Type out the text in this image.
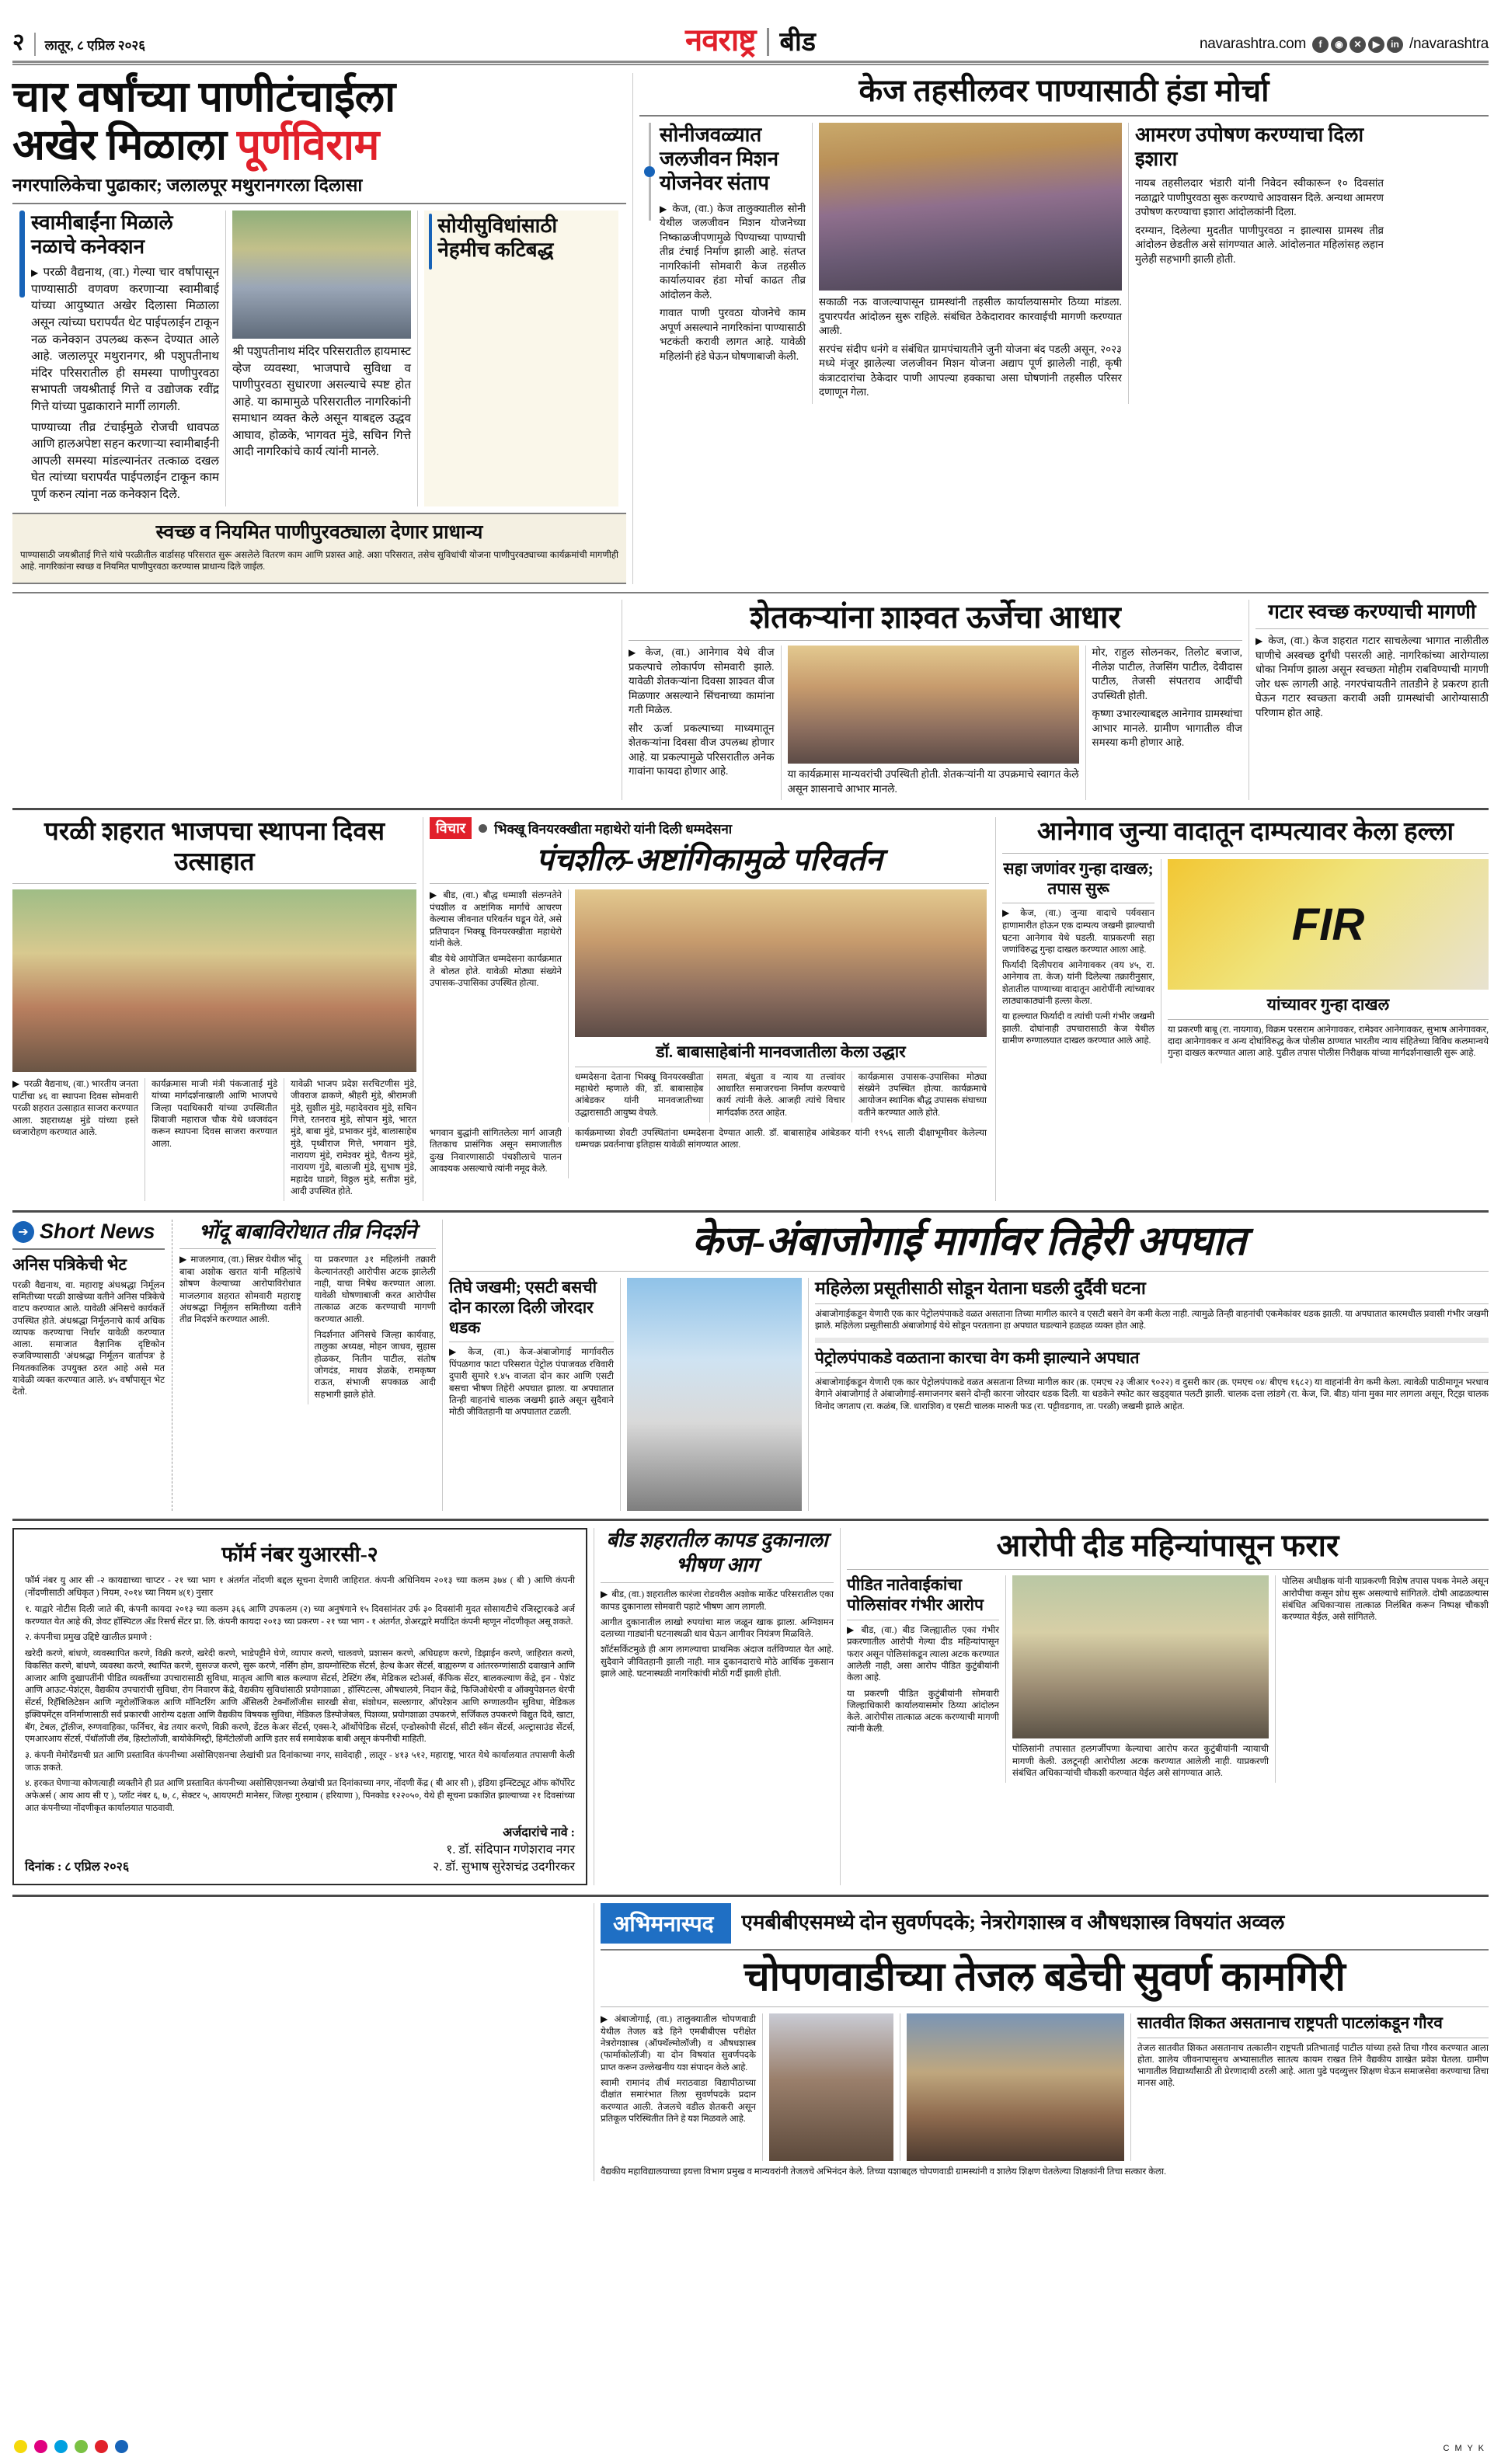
२ लातूर, ८ एप्रिल २०२६	नवराष्ट्र बीड	navarashtra.com	f	◉	✕	▶	in /navarashtra
चार वर्षांच्या पाणीटंचाईला
अखेर मिळाला पूर्णविराम
नगरपालिकेचा पुढाकार; जलालपूर मथुरानगरला दिलासा
स्वामीबाईंना मिळाले नळाचे कनेक्शन

▶ परळी वैद्यनाथ, (वा.) गेल्या चार वर्षांपासून पाण्यासाठी वणवण करणाऱ्या स्वामीबाई यांच्या आयुष्यात अखेर दिलासा मिळाला असून त्यांच्या घरापर्यंत थेट पाईपलाईन टाकून नळ कनेक्शन उपलब्ध करून देण्यात आले आहे. जलालपूर मथुरानगर, श्री पशुपतीनाथ मंदिर परिसरातील ही समस्या पाणीपुरवठा सभापती जयश्रीताई गित्ते व उद्योजक रवींद्र गित्ते यांच्या पुढाकाराने मार्गी लागली.

पाण्याच्या तीव्र टंचाईमुळे रोजची धावपळ आणि हालअपेष्टा सहन करणाऱ्या स्वामीबाईंनी आपली समस्या मांडल्यानंतर तत्काळ दखल घेत त्यांच्या घरापर्यंत पाईपलाईन टाकून काम पूर्ण करुन त्यांना नळ कनेक्शन दिले.

श्री पशुपतीनाथ मंदिर परिसरातील हायमास्ट व्हेज व्यवस्था, भाजपाचे सुविधा व पाणीपुरवठा सुधारणा असल्याचे स्पष्ट होत आहे. या कामामुळे परिसरातील नागरिकांनी समाधान व्यक्त केले असून याबद्दल उद्धव आघाव, होळके, भागवत मुंडे, सचिन गित्ते आदी नागरिकांचे कार्य त्यांनी मानले.

सोयीसुविधांसाठी नेहमीच कटिबद्ध
स्वच्छ व नियमित पाणीपुरवठ्याला देणार प्राधान्य

पाण्यासाठी जयश्रीताई गित्ते यांचे परळीतील वार्डासह परिसरात सुरू असलेले वितरण काम आणि प्रशस्त आहे. अशा परिसरात, तसेच सुविधांची योजना पाणीपुरवठ्याच्या कार्यक्रमांची मागणीही आहे. नागरिकांना स्वच्छ व नियमित पाणीपुरवठा करण्यास प्राधान्य दिले जाईल.

केज तहसीलवर पाण्यासाठी हंडा मोर्चा
सोनीजवळ्यात जलजीवन मिशन योजनेवर संताप

▶ केज, (वा.) केज तालुक्यातील सोनी येथील जलजीवन मिशन योजनेच्या निष्काळजीपणामुळे पिण्याच्या पाण्याची तीव्र टंचाई निर्माण झाली आहे. संतप्त नागरिकांनी सोमवारी केज तहसील कार्यालयावर हंडा मोर्चा काढत तीव्र आंदोलन केले.

गावात पाणी पुरवठा योजनेचे काम अपूर्ण असल्याने नागरिकांना पाण्यासाठी भटकंती करावी लागत आहे. यावेळी महिलांनी हंडे घेऊन घोषणाबाजी केली.

सकाळी नऊ वाजल्यापासून ग्रामस्थांनी तहसील कार्यालयासमोर ठिय्या मांडला. दुपारपर्यंत आंदोलन सुरू राहिले. संबंधित ठेकेदारावर कारवाईची मागणी करण्यात आली.

सरपंच संदीप धनंगे व संबंधित ग्रामपंचायतीने जुनी योजना बंद पडली असून, २०२३ मध्ये मंजूर झालेल्या जलजीवन मिशन योजना अद्याप पूर्ण झालेली नाही, कृषी कंत्राटदारांचा ठेकेदार पाणी आपल्या हक्काचा असा घोषणांनी तहसील परिसर दणाणून गेला.

आमरण उपोषण करण्याचा दिला इशारा

नायब तहसीलदार भंडारी यांनी निवेदन स्वीकारून १० दिवसांत नळाद्वारे पाणीपुरवठा सुरू करण्याचे आश्वासन दिले. अन्यथा आमरण उपोषण करण्याचा इशारा आंदोलकांनी दिला.

दरम्यान, दिलेल्या मुदतीत पाणीपुरवठा न झाल्यास ग्रामस्थ तीव्र आंदोलन छेडतील असे सांगण्यात आले. आंदोलनात महिलांसह लहान मुलेही सहभागी झाली होती.

शेतकऱ्यांना शाश्वत ऊर्जेचा आधार

▶ केज, (वा.) आनेगाव येथे वीज प्रकल्पाचे लोकार्पण सोमवारी झाले. यावेळी शेतकऱ्यांना दिवसा शाश्वत वीज मिळणार असल्याने सिंचनाच्या कामांना गती मिळेल.

सौर ऊर्जा प्रकल्पाच्या माध्यमातून शेतकऱ्यांना दिवसा वीज उपलब्ध होणार आहे. या प्रकल्पामुळे परिसरातील अनेक गावांना फायदा होणार आहे.	या कार्यक्रमास मान्यवरांची उपस्थिती होती. शेतकऱ्यांनी या उपक्रमाचे स्वागत केले असून शासनाचे आभार मानले.

मोर, राहुल सोलनकर, तिलोट बजाज, नीलेश पाटील, तेजसिंग पाटील, देवीदास पाटील, तेजसी संपतराव आदींची उपस्थिती होती.

कृष्णा उभारल्याबद्दल आनेगाव ग्रामस्थांचा आभार मानले. ग्रामीण भागातील वीज समस्या कमी होणार आहे.

गटार स्वच्छ करण्याची मागणी

▶ केज, (वा.) केज शहरात गटार साचलेल्या भागात नालीतील घाणीचे अस्वच्छ दुर्गंधी पसरली आहे. नागरिकांच्या आरोग्याला धोका निर्माण झाला असून स्वच्छता मोहीम राबविण्याची मागणी जोर धरू लागली आहे. नगरपंचायतीने तातडीने हे प्रकरण हाती घेऊन गटार स्वच्छता करावी अशी ग्रामस्थांची आरोग्यासाठी परिणाम होत आहे.

परळी शहरात भाजपचा स्थापना दिवस उत्साहात

▶ परळी वैद्यनाथ, (वा.) भारतीय जनता पार्टीचा ४६ वा स्थापना दिवस सोमवारी परळी शहरात उत्साहात साजरा करण्यात आला. शहराध्यक्ष मुंडे यांच्या हस्ते ध्वजारोहण करण्यात आले.

कार्यक्रमास माजी मंत्री पंकजाताई मुंडे यांच्या मार्गदर्शनाखाली आणि भाजपचे जिल्हा पदाधिकारी यांच्या उपस्थितीत शिवाजी महाराज चौक येथे ध्वजवंदन करून स्थापना दिवस साजरा करण्यात आला.

यावेळी भाजप प्रदेश सरचिटणीस मुंडे, जीवराज ढाकणे, श्रीहरी मुंडे, श्रीरामजी मुंडे, सुशील मुंडे, महादेवराव मुंडे, सचिन गित्ते, रतनराव मुंडे, सोपान मुंडे, भारत मुंडे, बाबा मुंडे, प्रभाकर मुंडे, बालासाहेब मुंडे, पृथ्वीराज गित्ते, भगवान मुंडे, नारायण मुंडे, रामेश्वर मुंडे, चैतन्य मुंडे, नारायण गुंडे, बालाजी मुंडे, सुभाष मुंडे, महादेव घाडगे, विठ्ठल मुंडे, सतीश मुंडे, आदी उपस्थित होते.

विचार	भिक्खू विनयरक्खीता महाथेरो यांनी दिली धम्मदेसना
पंचशील-अष्टांगिकामुळे परिवर्तन

▶ बीड, (वा.) बौद्ध धम्माशी संलग्नतेने पंचशील व अष्टांगिक मार्गाचे आचरण केल्यास जीवनात परिवर्तन घडून येते, असे प्रतिपादन भिक्खू विनयरक्खीता महाथेरो यांनी केले.

बीड येथे आयोजित धम्मदेसना कार्यक्रमात ते बोलत होते. यावेळी मोठ्या संख्येने उपासक-उपासिका उपस्थित होत्या.

डॉ. बाबासाहेबांनी मानवजातीला केला उद्धार

धम्मदेसना देताना भिक्खू विनयरक्खीता महाथेरो म्हणाले की, डॉ. बाबासाहेब आंबेडकर यांनी मानवजातीच्या उद्धारासाठी आयुष्य वेचले.

समता, बंधुता व न्याय या तत्त्वांवर आधारित समाजरचना निर्माण करण्याचे कार्य त्यांनी केले. आजही त्यांचे विचार मार्गदर्शक ठरत आहेत.

कार्यक्रमास उपासक-उपासिका मोठ्या संख्येने उपस्थित होत्या. कार्यक्रमाचे आयोजन स्थानिक बौद्ध उपासक संघाच्या वतीने करण्यात आले होते.

भगवान बुद्धांनी सांगितलेला मार्ग आजही तितकाच प्रासंगिक असून समाजातील दुःख निवारणासाठी पंचशीलाचे पालन आवश्यक असल्याचे त्यांनी नमूद केले.

कार्यक्रमाच्या शेवटी उपस्थितांना धम्मदेसना देण्यात आली. डॉ. बाबासाहेब आंबेडकर यांनी १९५६ साली दीक्षाभूमीवर केलेल्या धम्मचक्र प्रवर्तनाचा इतिहास यावेळी सांगण्यात आला.

आनेगाव जुन्या वादातून दाम्पत्यावर केला हल्ला
सहा जणांवर गुन्हा दाखल; तपास सुरू

▶ केज, (वा.) जुन्या वादाचे पर्यवसान हाणामारीत होऊन एक दाम्पत्य जखमी झाल्याची घटना आनेगाव येथे घडली. याप्रकरणी सहा जणांविरुद्ध गुन्हा दाखल करण्यात आला आहे.

फिर्यादी दिलीपराव आनेगावकर (वय ४५, रा. आनेगाव ता. केज) यांनी दिलेल्या तक्रारीनुसार, शेतातील पाण्याच्या वादातून आरोपींनी त्यांच्यावर लाठ्याकाठ्यांनी हल्ला केला.

या हल्ल्यात फिर्यादी व त्यांची पत्नी गंभीर जखमी झाली. दोघांनाही उपचारासाठी केज येथील ग्रामीण रुग्णालयात दाखल करण्यात आले आहे.

FIR
यांच्यावर गुन्हा दाखल

या प्रकरणी बाबू (रा. नायगाव), विक्रम परसराम आनेगावकर, रामेश्वर आनेगावकर, सुभाष आनेगावकर, दादा आनेगावकर व अन्य दोघांविरुद्ध केज पोलीस ठाण्यात भारतीय न्याय संहितेच्या विविध कलमान्वये गुन्हा दाखल करण्यात आला आहे. पुढील तपास पोलीस निरीक्षक यांच्या मार्गदर्शनाखाली सुरू आहे.

➔ Short News
अनिस पत्रिकेची भेट

परळी वैद्यनाथ, वा. महाराष्ट्र अंधश्रद्धा निर्मूलन समितीच्या परळी शाखेच्या वतीने अनिस पत्रिकेचे वाटप करण्यात आले. यावेळी अंनिसचे कार्यकर्ते उपस्थित होते. अंधश्रद्धा निर्मूलनाचे कार्य अधिक व्यापक करण्याचा निर्धार यावेळी करण्यात आला. समाजात वैज्ञानिक दृष्टिकोन रुजविण्यासाठी 'अंधश्रद्धा निर्मूलन वार्तापत्र' हे नियतकालिक उपयुक्त ठरत आहे असे मत यावेळी व्यक्त करण्यात आले. ४५ वर्षांपासून भेट देतो.

भोंदू बाबाविरोधात तीव्र निदर्शने

▶ माजलगाव, (वा.) सिन्नर येथील भोंदू बाबा अशोक खरात यांनी महिलांचे शोषण केल्याच्या आरोपाविरोधात माजलगाव शहरात सोमवारी महाराष्ट्र अंधश्रद्धा निर्मूलन समितीच्या वतीने तीव्र निदर्शने करण्यात आली.

या प्रकरणात ३१ महिलांनी तक्रारी केल्यानंतरही आरोपीस अटक झालेली नाही, याचा निषेध करण्यात आला. यावेळी घोषणाबाजी करत आरोपीस तात्काळ अटक करण्याची मागणी करण्यात आली.

निदर्शनात अंनिसचे जिल्हा कार्यवाह, तालुका अध्यक्ष, मोहन जाधव, सुहास होळकर, नितीन पाटील, संतोष जोगदंड, माधव शेळके, रामकृष्ण राऊत, संभाजी सपकाळ आदी सहभागी झाले होते.

केज-अंबाजोगाई मार्गावर तिहेरी अपघात
तिघे जखमी; एसटी बसची दोन कारला दिली जोरदार धडक

▶ केज, (वा.) केज-अंबाजोगाई मार्गावरील पिंपळगाव फाटा परिसरात पेट्रोल पंपाजवळ रविवारी दुपारी सुमारे १.४५ वाजता दोन कार आणि एसटी बसचा भीषण तिहेरी अपघात झाला. या अपघातात तिन्ही वाहनांचे चालक जखमी झाले असून सुदैवाने मोठी जीवितहानी या अपघातात टळली.

महिलेला प्रसूतीसाठी सोडून येताना घडली दुर्दैवी घटना

अंबाजोगाईकडून येणारी एक कार पेट्रोलपंपाकडे वळत असताना तिच्या मागील कारने व एसटी बसने वेग कमी केला नाही. त्यामुळे तिन्ही वाहनांची एकमेकांवर धडक झाली. या अपघातात कारमधील प्रवासी गंभीर जखमी झाले. महिलेला प्रसूतीसाठी अंबाजोगाई येथे सोडून परतताना हा अपघात घडल्याने हळहळ व्यक्त होत आहे.

पेट्रोलपंपाकडे वळताना कारचा वेग कमी झाल्याने अपघात

अंबाजोगाईकडून येणारी एक कार पेट्रोलपंपाकडे वळत असताना तिच्या मागील कार (क्र. एमएच २३ जीआर ९०२२) व दुसरी कार (क्र. एमएच ०४/ बीएच १६८२) या वाहनांनी वेग कमी केला. त्यावेळी पाठीमागून भरधाव वेगाने अंबाजोगाई ते अंबाजोगाई-समाजनगर बसने दोन्ही कारना जोरदार धडक दिली. या धडकेने स्फोट कार खड्ड्यात पलटी झाली. चालक दत्ता लांडगे (रा. केज, जि. बीड) यांना मुका मार लागला असून, रिट्झ चालक विनोद जगताप (रा. कळंब, जि. धाराशिव) व एसटी चालक मारुती फड (रा. पट्टीवडगाव, ता. परळी) जखमी झाले आहेत.

फॉर्म नंबर युआरसी-२

फॉर्म नंबर यु आर सी -२ कायद्याच्या चाप्टर - २१ च्या भाग १ अंतर्गत नोंदणी बद्दल सूचना देणारी जाहिरात. कंपनी अधिनियम २०१३ च्या कलम ३७४ ( बी ) आणि कंपनी (नोंदणीसाठी अधिकृत ) नियम, २०१४ च्या नियम ४(१) नुसार

१. याद्वारे नोटीस दिली जाते की, कंपनी कायदा २०१३ च्या कलम ३६६ आणि उपकलम (२) च्या अनुषंगाने १५ दिवसांनंतर उर्फ ३० दिवसांनी मुदत सोसायटीचे रजिस्ट्रारकडे अर्ज करण्यात येत आहे की, शेवट हॉस्पिटल अँड रिसर्च सेंटर प्रा. लि. कंपनी कायदा २०१३ च्या प्रकरण - २१ च्या भाग - १ अंतर्गत, शेअरद्वारे मर्यादित कंपनी म्हणून नोंदणीकृत असू शकते.
२. कंपनीचा प्रमुख उद्दिष्टे खालील प्रमाणे :
खरेदी करणे, बांधणे, व्यवस्थापित करणे, विक्री करणे, खरेदी करणे, भाडेपट्टीने घेणे, व्यापार करणे, चालवणे, प्रशासन करणे, अधिग्रहण करणे, डिझाईन करणे, जाहिरात करणे, विकसित करणे, बांधणे, व्यवस्था करणे, स्थापित करणे, सुसज्ज करणे, सुरू करणे, नर्सिंग होम, डायग्नोस्टिक सेंटर्स, हेल्थ केअर सेंटर्स, बाह्यरुग्ण व आंतररुग्णांसाठी दवाखाने आणि आजार आणि दुखापतींनी पीडित व्यक्तींच्या उपचारासाठी सुविधा, मातृत्व आणि बाल कल्याण सेंटर्स, टेस्टिंग लॅब, मेडिकल स्टोअर्स, कॅफिक सेंटर, बालकल्याण केंद्रे, इन - पेशंट आणि आऊट-पेशंट्स, वैद्यकीय उपचारांची सुविधा, रोग निवारण केंद्रे, वैद्यकीय सुविधांसाठी प्रयोगशाळा , हॉस्पिटल्स, औषधालये, निदान केंद्रे, फिजिओथेरपी व ऑक्युपेशनल थेरपी सेंटर्स, रिहॅबिलिटेशन आणि न्यूरोलॉजिकल आणि मॉनिटरिंग आणि अँसिलरी टेक्नॉलॉजीस सारखी सेवा, संशोधन, सल्लागार, ऑपरेशन आणि रुग्णालयीन सुविधा, मेडिकल इक्विपमेंट्स वनिर्माणासाठी सर्व प्रकारची आरोग्य दक्षता आणि वैद्यकीय विषयक सुविधा, मेडिकल डिस्पोजेबल, पिशव्या, प्रयोगशाळा उपकरणे, सर्जिकल उपकरणे विद्युत दिवे, खाटा, बॅग, टेबल, ट्रॉलीज, रुग्णवाहिका, फर्निचर, बेड तयार करणे, विक्री करणे, डेंटल केअर सेंटर्स, एक्स-रे, ऑर्थोपेडिक सेंटर्स, एन्डोस्कोपी सेंटर्स, सीटी स्कॅन सेंटर्स, अल्ट्रासाउंड सेंटर्स, एमआरआय सेंटर्स, पॅथॉलॉजी लॅब, हिस्टोलॉजी, बायोकेमिस्ट्री, हिमॅटोलॉजी आणि इतर सर्व समावेशक बाबी असून कंपनीची माहिती.
३. कंपनी मेमोरॅंडमची प्रत आणि प्रस्तावित कंपनीच्या असोसिएशनचा लेखांची प्रत दिनांकाच्या नगर, सावेदाही , लातूर - ४१३ ५१२, महाराष्ट्र, भारत येथे कार्यालयात तपासणी केली जाऊ शकते.
४. हरकत घेणाऱ्या कोणत्याही व्यक्तीने ही प्रत आणि प्रस्तावित कंपनीच्या असोसिएशनच्या लेखांची प्रत दिनांकाच्या नगर, नोंदणी केंद्र ( बी आर सी ), इंडिया इन्स्टिट्यूट ऑफ कॉर्पोरेट अफेअर्स ( आय आय सी ए ), प्लॉट नंबर ६, ७, ८, सेक्टर ५, आयएमटी मानेसर, जिल्हा गुरुग्राम ( हरियाणा ), पिनकोड १२२०५०, येथे ही सूचना प्रकाशित झाल्याच्या २१ दिवसांच्या आत कंपनीच्या नोंदणीकृत कार्यालयात पाठवावी.
दिनांक : ८ एप्रिल २०२६
अर्जदारांचे नावे :
१. डॉ. संदिपान गणेशराव नगर
२. डॉ. सुभाष सुरेशचंद्र उदगीरकर
बीड शहरातील कापड दुकानाला भीषण आग

▶ बीड, (वा.) शहरातील कारंजा रोडवरील अशोक मार्केट परिसरातील एका कापड दुकानाला सोमवारी पहाटे भीषण आग लागली.

आगीत दुकानातील लाखो रुपयांचा माल जळून खाक झाला. अग्निशमन दलाच्या गाड्यांनी घटनास्थळी धाव घेऊन आगीवर नियंत्रण मिळविले.

शॉर्टसर्किटमुळे ही आग लागल्याचा प्राथमिक अंदाज वर्तविण्यात येत आहे. सुदैवाने जीवितहानी झाली नाही. मात्र दुकानदाराचे मोठे आर्थिक नुकसान झाले आहे. घटनास्थळी नागरिकांची मोठी गर्दी झाली होती.

आरोपी दीड महिन्यांपासून फरार
पीडित नातेवाईकांचा पोलिसांवर गंभीर आरोप

▶ बीड, (वा.) बीड जिल्ह्यातील एका गंभीर प्रकरणातील आरोपी गेल्या दीड महिन्यांपासून फरार असून पोलिसांकडून त्याला अटक करण्यात आलेली नाही, असा आरोप पीडित कुटुंबीयांनी केला आहे.

या प्रकरणी पीडित कुटुंबीयांनी सोमवारी जिल्हाधिकारी कार्यालयासमोर ठिय्या आंदोलन केले. आरोपीस तात्काळ अटक करण्याची मागणी त्यांनी केली.

पोलिसांनी तपासात हलगर्जीपणा केल्याचा आरोप करत कुटुंबीयांनी न्यायाची मागणी केली. उलटूनही आरोपीला अटक करण्यात आलेली नाही. याप्रकरणी संबंधित अधिकाऱ्यांची चौकशी करण्यात येईल असे सांगण्यात आले.

पोलिस अधीक्षक यांनी याप्रकरणी विशेष तपास पथक नेमले असून आरोपीचा कसून शोध सुरू असल्याचे सांगितले. दोषी आढळल्यास संबंधित अधिकाऱ्यास तात्काळ निलंबित करून निष्पक्ष चौकशी करण्यात येईल, असे सांगितले.

अभिमनास्पद	एमबीबीएसमध्ये दोन सुवर्णपदके; नेत्ररोगशास्त्र व औषधशास्त्र विषयांत अव्वल
चोपणवाडीच्या तेजल बडेची सुवर्ण कामगिरी

▶ अंबाजोगाई, (वा.) तालुक्यातील चोपणवाडी येथील तेजल बडे हिने एमबीबीएस परीक्षेत नेत्ररोगशास्त्र (ऑफ्थॅल्मोलॉजी) व औषधशास्त्र (फार्माकोलॉजी) या दोन विषयांत सुवर्णपदके प्राप्त करून उल्लेखनीय यश संपादन केले आहे.

स्वामी रामानंद तीर्थ मराठवाडा विद्यापीठाच्या दीक्षांत समारंभात तिला सुवर्णपदके प्रदान करण्यात आली. तेजलचे वडील शेतकरी असून प्रतिकूल परिस्थितीत तिने हे यश मिळवले आहे.

सातवीत शिकत असतानाच राष्ट्रपती पाटलांकडून गौरव

तेजल सातवीत शिकत असतानाच तत्कालीन राष्ट्रपती प्रतिभाताई पाटील यांच्या हस्ते तिचा गौरव करण्यात आला होता. शालेय जीवनापासूनच अभ्यासातील सातत्य कायम राखत तिने वैद्यकीय शाखेत प्रवेश घेतला. ग्रामीण भागातील विद्यार्थ्यांसाठी ती प्रेरणादायी ठरली आहे. आता पुढे पदव्युत्तर शिक्षण घेऊन समाजसेवा करण्याचा तिचा मानस आहे.

वैद्यकीय महाविद्यालयाच्या इयत्ता विभाग प्रमुख व मान्यवरांनी तेजलचे अभिनंदन केले. तिच्या यशाबद्दल चोपणवाडी ग्रामस्थांनी व शालेय शिक्षण घेतलेल्या शिक्षकांनी तिचा सत्कार केला.

C M Y K
